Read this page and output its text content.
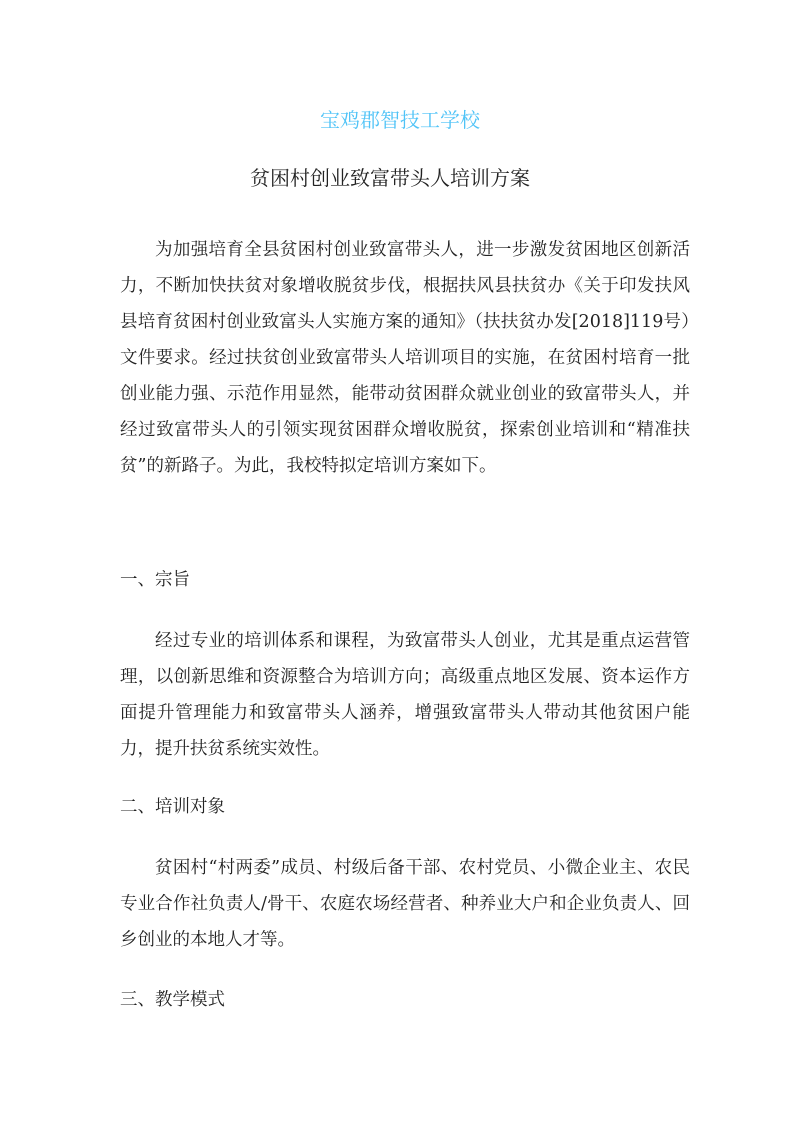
宝鸡郡智技工学校
贫困村创业致富带头人培训方案
为加强培育全县贫困村创业致富带头人，进一步激发贫困地区创新活力，不断加快扶贫对象增收脱贫步伐，根据扶风县扶贫办《关于印发扶风县培育贫困村创业致富头人实施方案的通知》（扶扶贫办发[2018]119号）文件要求。经过扶贫创业致富带头人培训项目的实施，在贫困村培育一批创业能力强、示范作用显然，能带动贫困群众就业创业的致富带头人，并经过致富带头人的引领实现贫困群众增收脱贫，探索创业培训和“精准扶贫”的新路子。为此，我校特拟定培训方案如下。
一、宗旨
经过专业的培训体系和课程，为致富带头人创业，尤其是重点运营管理，以创新思维和资源整合为培训方向；高级重点地区发展、资本运作方面提升管理能力和致富带头人涵养，增强致富带头人带动其他贫困户能力，提升扶贫系统实效性。
二、培训对象
贫困村“村两委”成员、村级后备干部、农村党员、小微企业主、农民专业合作社负责人/骨干、农庭农场经营者、种养业大户和企业负责人、回乡创业的本地人才等。
三、教学模式
